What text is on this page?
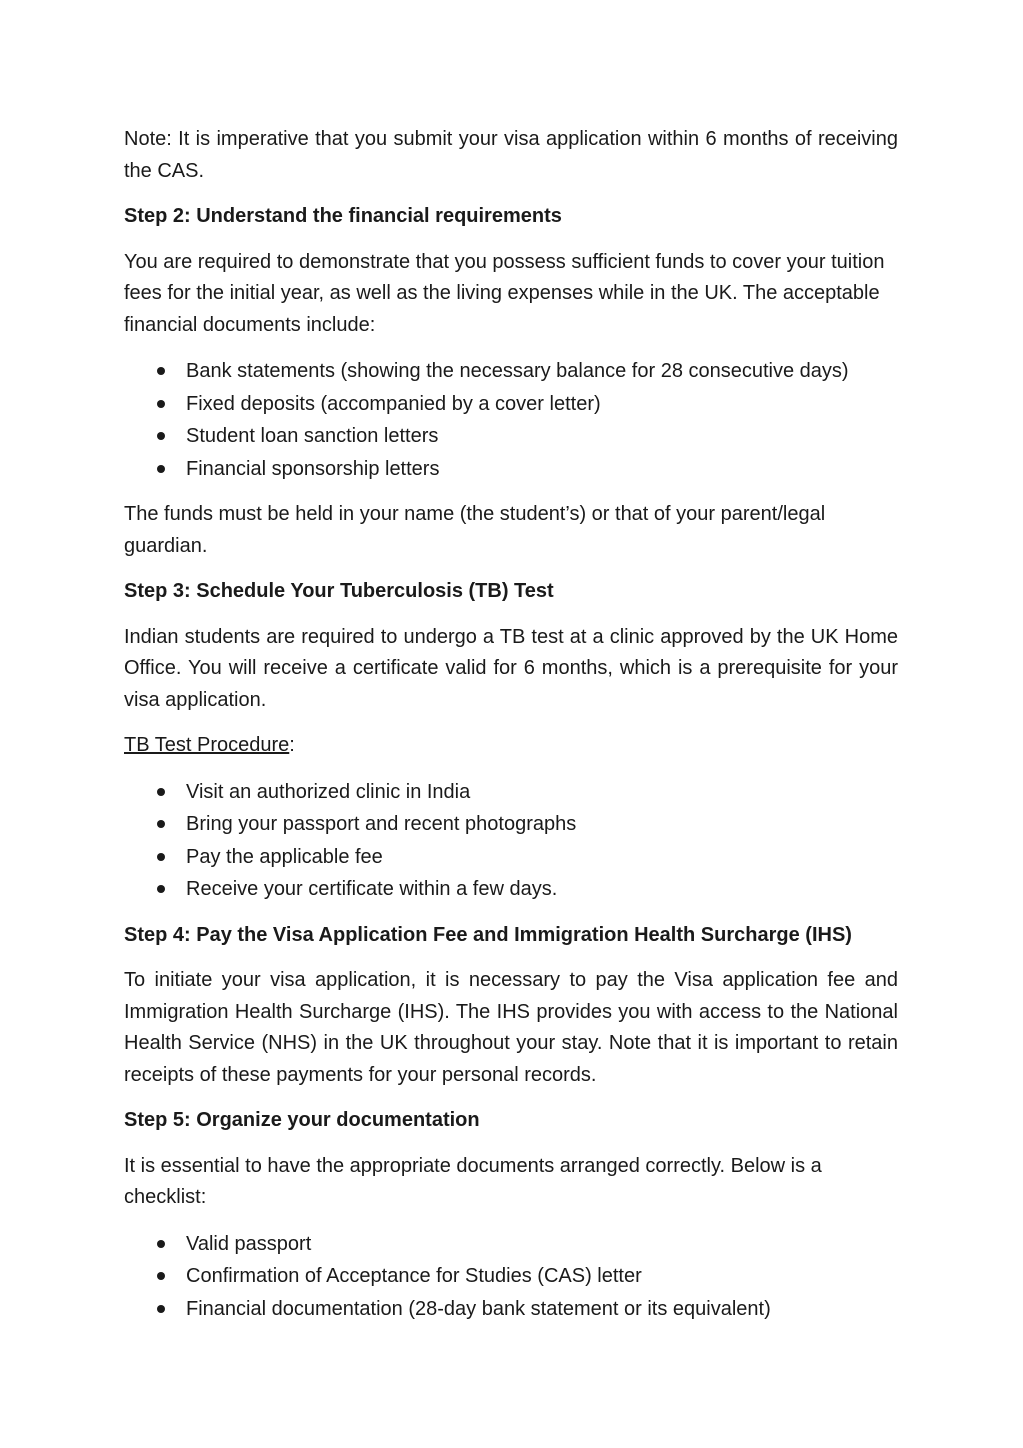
Note: It is imperative that you submit your visa application within 6 months of receiving the CAS.

Step 2: Understand the financial requirements

You are required to demonstrate that you possess sufficient funds to cover your tuition fees for the initial year, as well as the living expenses while in the UK. The acceptable financial documents include:

Bank statements (showing the necessary balance for 28 consecutive days)
Fixed deposits (accompanied by a cover letter)
Student loan sanction letters
Financial sponsorship letters

The funds must be held in your name (the student’s) or that of your parent/legal guardian.

Step 3: Schedule Your Tuberculosis (TB) Test

Indian students are required to undergo a TB test at a clinic approved by the UK Home Office. You will receive a certificate valid for 6 months, which is a prerequisite for your visa application.

TB Test Procedure:

Visit an authorized clinic in India
Bring your passport and recent photographs
Pay the applicable fee
Receive your certificate within a few days.
Step 4: Pay the Visa Application Fee and Immigration Health Surcharge (IHS)

To initiate your visa application, it is necessary to pay the Visa application fee and Immigration Health Surcharge (IHS). The IHS provides you with access to the National Health Service (NHS) in the UK throughout your stay. Note that it is important to retain receipts of these payments for your personal records.

Step 5: Organize your documentation

It is essential to have the appropriate documents arranged correctly. Below is a checklist:

Valid passport
Confirmation of Acceptance for Studies (CAS) letter
Financial documentation (28-day bank statement or its equivalent)
